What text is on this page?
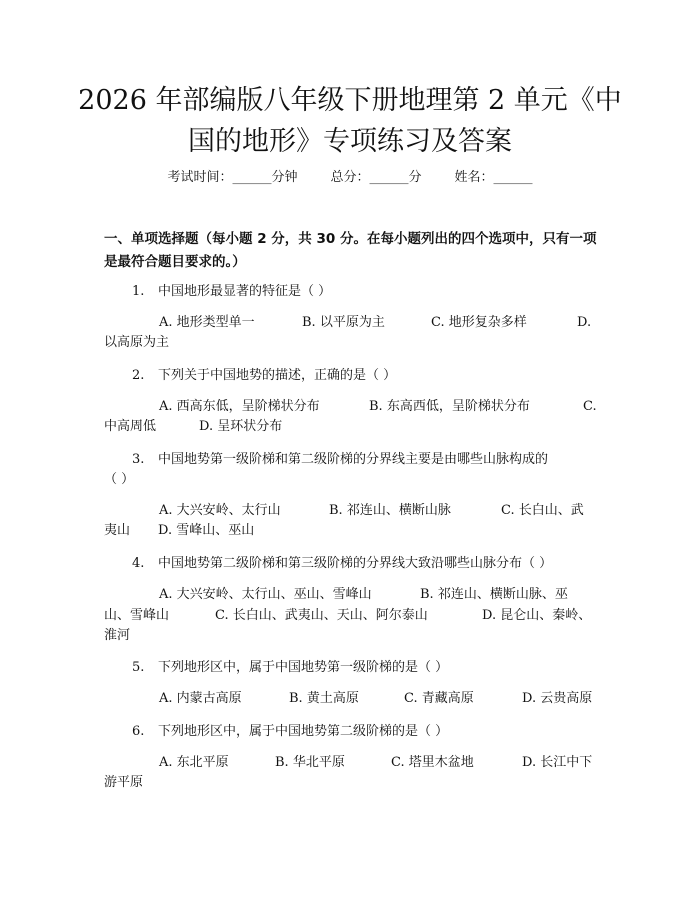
2026 年部编版八年级下册地理第 2 单元《中
国的地形》专项练习及答案
考试时间：______分钟        总分：______分        姓名：______
一、单项选择题（每小题 2 分，共 30 分。在每小题列出的四个选项中，只有一项
是最符合题目要求的。）
1. 中国地形最显著的特征是（ ）
A. 地形类型单一	B. 以平原为主	C. 地形复杂多样	D.
以高原为主
2. 下列关于中国地势的描述，正确的是（ ）
A. 西高东低，呈阶梯状分布	B. 东高西低，呈阶梯状分布	C.
中高周低	D. 呈环状分布
3. 中国地势第一级阶梯和第二级阶梯的分界线主要是由哪些山脉构成的
（ ）
A. 大兴安岭、太行山	B. 祁连山、横断山脉	C. 长白山、武
夷山 D. 雪峰山、巫山
4. 中国地势第二级阶梯和第三级阶梯的分界线大致沿哪些山脉分布（ ）
A. 大兴安岭、太行山、巫山、雪峰山	B. 祁连山、横断山脉、巫
山、雪峰山	C. 长白山、武夷山、天山、阿尔泰山	D. 昆仑山、秦岭、
淮河
5. 下列地形区中，属于中国地势第一级阶梯的是（ ）
A. 内蒙古高原	B. 黄土高原	C. 青藏高原	D. 云贵高原
6. 下列地形区中，属于中国地势第二级阶梯的是（ ）
A. 东北平原	B. 华北平原	C. 塔里木盆地	D. 长江中下
游平原
